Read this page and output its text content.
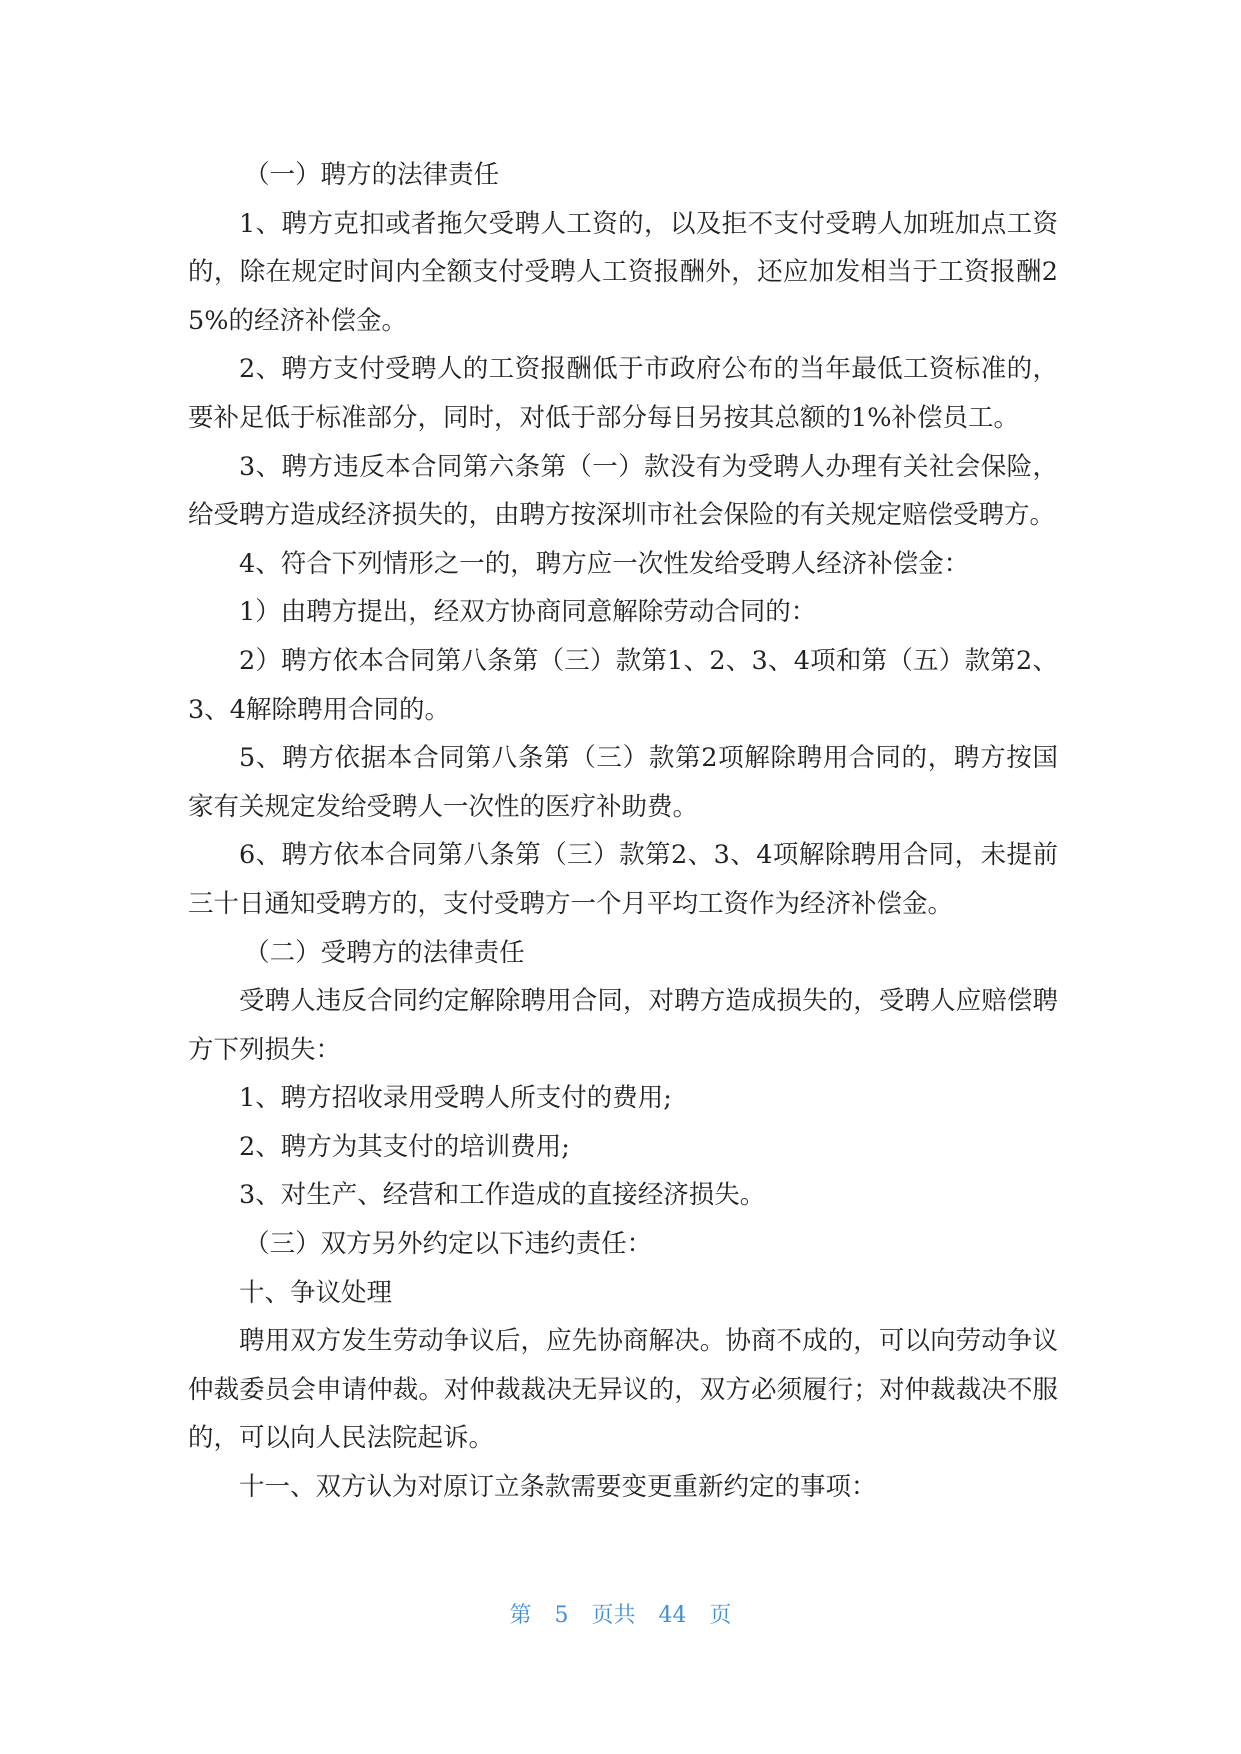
（一）聘方的法律责任

1、聘方克扣或者拖欠受聘人工资的，以及拒不支付受聘人加班加点工资的，除在规定时间内全额支付受聘人工资报酬外，还应加发相当于工资报酬25%的经济补偿金。

2、聘方支付受聘人的工资报酬低于市政府公布的当年最低工资标准的，要补足低于标准部分，同时，对低于部分每日另按其总额的1%补偿员工。

3、聘方违反本合同第六条第（一）款没有为受聘人办理有关社会保险，给受聘方造成经济损失的，由聘方按深圳市社会保险的有关规定赔偿受聘方。

4、符合下列情形之一的，聘方应一次性发给受聘人经济补偿金：

1）由聘方提出，经双方协商同意解除劳动合同的：

2）聘方依本合同第八条第（三）款第1、2、3、4项和第（五）款第2、3、4解除聘用合同的。

5、聘方依据本合同第八条第（三）款第2项解除聘用合同的，聘方按国家有关规定发给受聘人一次性的医疗补助费。

6、聘方依本合同第八条第（三）款第2、3、4项解除聘用合同，未提前三十日通知受聘方的，支付受聘方一个月平均工资作为经济补偿金。

（二）受聘方的法律责任

受聘人违反合同约定解除聘用合同，对聘方造成损失的，受聘人应赔偿聘方下列损失：

1、聘方招收录用受聘人所支付的费用;

2、聘方为其支付的培训费用;

3、对生产、经营和工作造成的直接经济损失。

（三）双方另外约定以下违约责任：

十、争议处理

聘用双方发生劳动争议后，应先协商解决。协商不成的，可以向劳动争议仲裁委员会申请仲裁。对仲裁裁决无异议的，双方必须履行；对仲裁裁决不服的，可以向人民法院起诉。

十一、双方认为对原订立条款需要变更重新约定的事项：

第 5 页共 44 页
